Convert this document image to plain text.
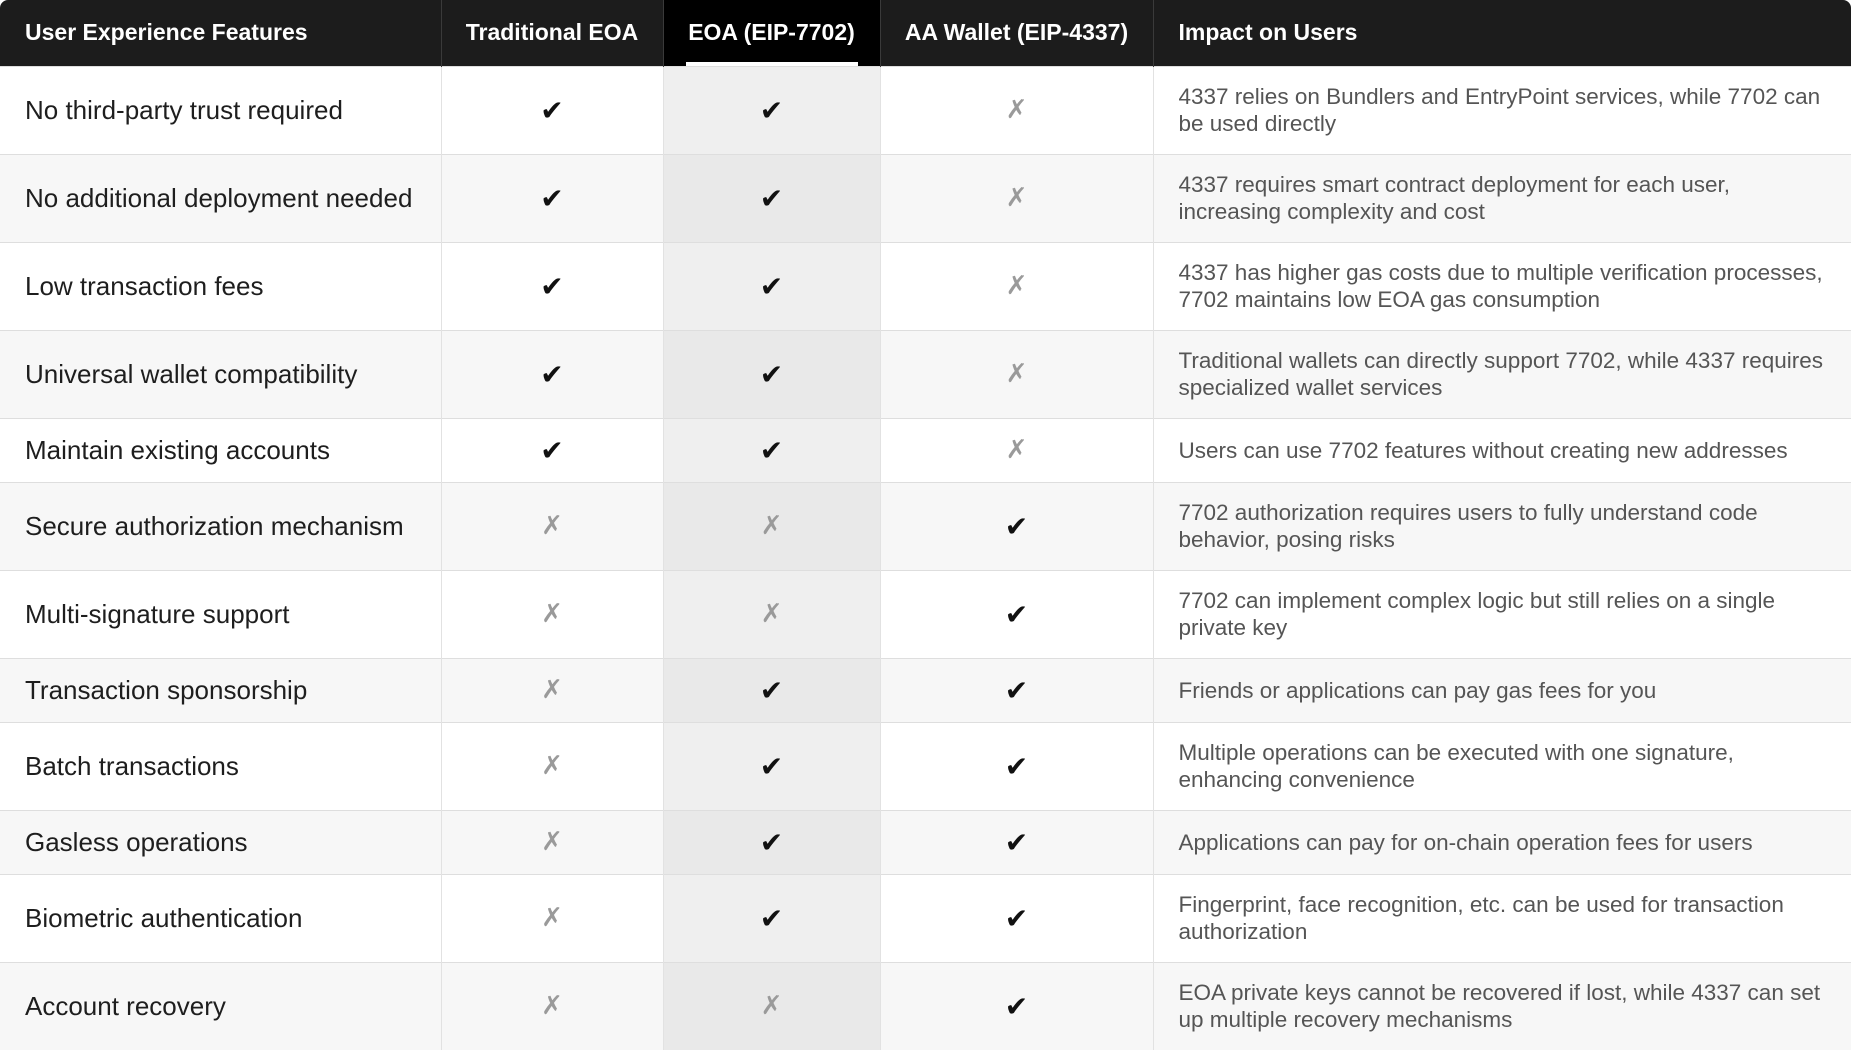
User Experience Features	Traditional EOA	EOA (EIP-7702)	AA Wallet (EIP-4337)	Impact on Users
No third-party trust required	✔	✔	✗	4337 relies on Bundlers and EntryPoint services, while 7702 can be used directly
No additional deployment needed	✔	✔	✗	4337 requires smart contract deployment for each user, increasing complexity and cost
Low transaction fees	✔	✔	✗	4337 has higher gas costs due to multiple verification processes, 7702 maintains low EOA gas consumption
Universal wallet compatibility	✔	✔	✗	Traditional wallets can directly support 7702, while 4337 requires specialized wallet services
Maintain existing accounts	✔	✔	✗	Users can use 7702 features without creating new addresses
Secure authorization mechanism	✗	✗	✔	7702 authorization requires users to fully understand code behavior, posing risks
Multi-signature support	✗	✗	✔	7702 can implement complex logic but still relies on a single private key
Transaction sponsorship	✗	✔	✔	Friends or applications can pay gas fees for you
Batch transactions	✗	✔	✔	Multiple operations can be executed with one signature, enhancing convenience
Gasless operations	✗	✔	✔	Applications can pay for on-chain operation fees for users
Biometric authentication	✗	✔	✔	Fingerprint, face recognition, etc. can be used for transaction authorization
Account recovery	✗	✗	✔	EOA private keys cannot be recovered if lost, while 4337 can set up multiple recovery mechanisms
